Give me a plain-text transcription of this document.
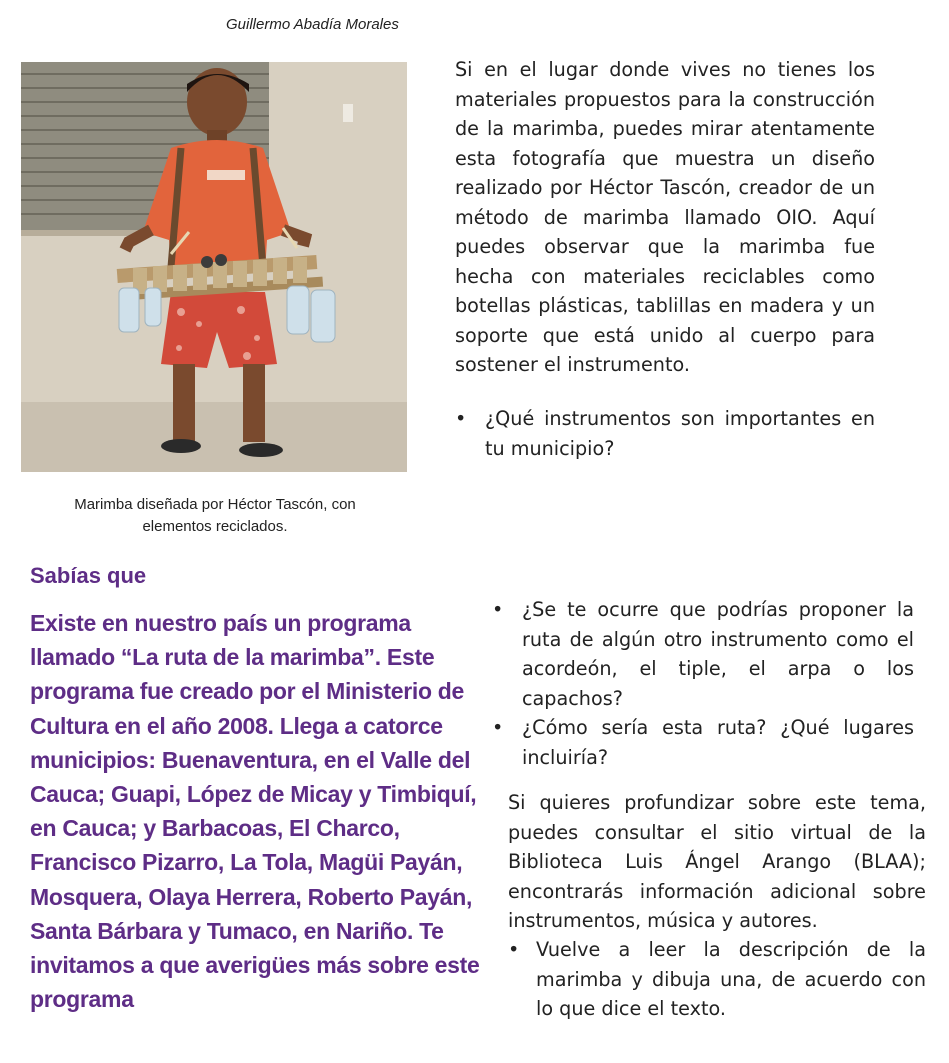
Guillermo Abadía Morales
Marimba diseñada por Héctor Tascón, con elementos reciclados.
Si en el lugar donde vives no tienes los materiales propuestos para la construcción de la marimba, puedes mirar atentamente esta fotografía que muestra un diseño realizado por Héctor Tascón, creador de un método de marimba llamado OIO. Aquí puedes observar que la marimba fue hecha con materiales reciclables como botellas plásticas, tablillas en madera y un soporte que está unido al cuerpo para sostener el instrumento.
• ¿Qué instrumentos son importantes en tu municipio?
Sabías que
Existe en nuestro país un programa llamado “La ruta de la marimba”. Este programa fue creado por el Ministerio de Cultura en el año 2008. Llega a catorce municipios: Buenaventura, en el Valle del Cauca; Guapi, López de Micay y Timbiquí, en Cauca; y Barbacoas, El Charco, Francisco Pizarro, La Tola, Magüi Payán, Mosquera, Olaya Herrera, Roberto Payán, Santa Bárbara y Tumaco, en Nariño. Te invitamos a que averigües más sobre este programa
• ¿Se te ocurre que podrías proponer la ruta de algún otro instrumento como el acordeón, el tiple, el arpa o los capachos?
• ¿Cómo sería esta ruta? ¿Qué lugares incluiría?
Si quieres profundizar sobre este tema, puedes consultar el sitio virtual de la Biblioteca Luis Ángel Arango (BLAA); encontrarás información adicional sobre instrumentos, música y autores.
• Vuelve a leer la descripción de la marimba y dibuja una, de acuerdo con lo que dice el texto.
